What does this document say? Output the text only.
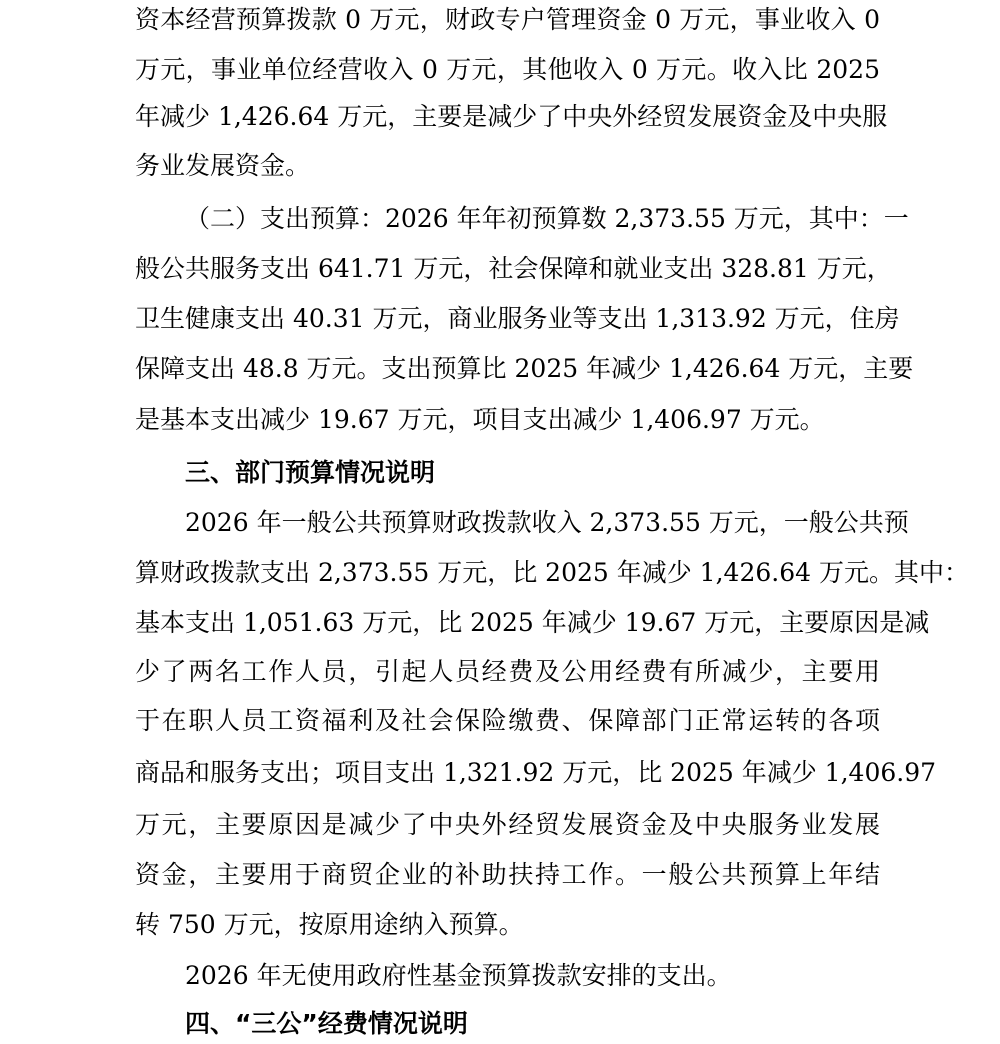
资本经营预算拨款 0 万元，财政专户管理资金 0 万元，事业收入 0
万元，事业单位经营收入 0 万元，其他收入 0 万元。收入比 2025
年减少 1,426.64 万元，主要是减少了中央外经贸发展资金及中央服
务业发展资金。
（二）支出预算：2026 年年初预算数 2,373.55 万元，其中：一
般公共服务支出 641.71 万元，社会保障和就业支出 328.81 万元，
卫生健康支出 40.31 万元，商业服务业等支出 1,313.92 万元，住房
保障支出 48.8 万元。支出预算比 2025 年减少 1,426.64 万元，主要
是基本支出减少 19.67 万元，项目支出减少 1,406.97 万元。
三、部门预算情况说明
2026 年一般公共预算财政拨款收入 2,373.55 万元，一般公共预
算财政拨款支出 2,373.55 万元，比 2025 年减少 1,426.64 万元。其中：
基本支出 1,051.63 万元，比 2025 年减少 19.67 万元，主要原因是减
少了两名工作人员，引起人员经费及公用经费有所减少，主要用
于在职人员工资福利及社会保险缴费、保障部门正常运转的各项
商品和服务支出；项目支出 1,321.92 万元，比 2025 年减少 1,406.97
万元，主要原因是减少了中央外经贸发展资金及中央服务业发展
资金，主要用于商贸企业的补助扶持工作。一般公共预算上年结
转 750 万元，按原用途纳入预算。
2026 年无使用政府性基金预算拨款安排的支出。
四、“三公”经费情况说明
